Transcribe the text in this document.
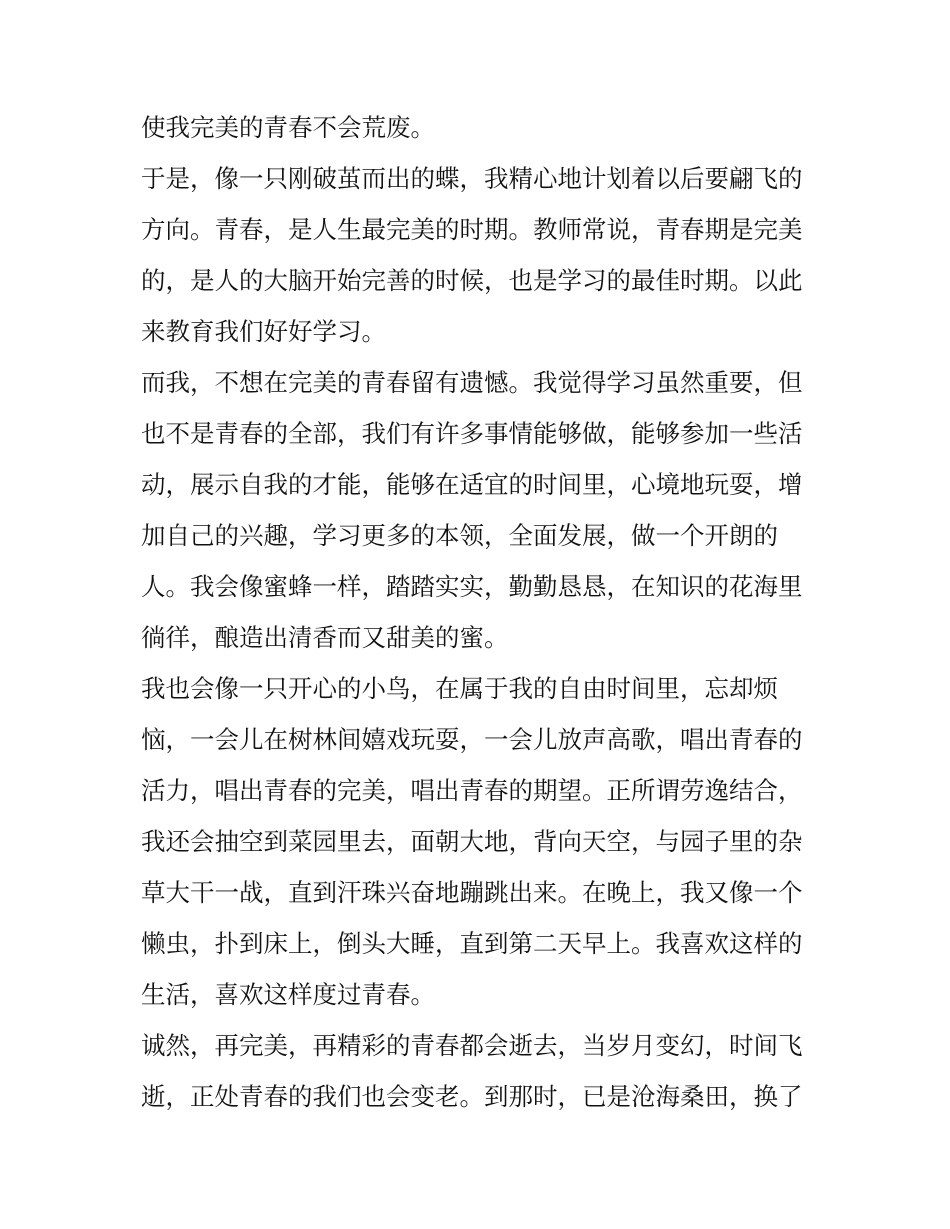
使我完美的青春不会荒废。
于是，像一只刚破茧而出的蝶，我精心地计划着以后要翩飞的
方向。青春，是人生最完美的时期。教师常说，青春期是完美
的，是人的大脑开始完善的时候，也是学习的最佳时期。以此
来教育我们好好学习。
而我，不想在完美的青春留有遗憾。我觉得学习虽然重要，但
也不是青春的全部，我们有许多事情能够做，能够参加一些活
动，展示自我的才能，能够在适宜的时间里，心境地玩耍，增
加自己的兴趣，学习更多的本领，全面发展，做一个开朗的
人。我会像蜜蜂一样，踏踏实实，勤勤恳恳，在知识的花海里
徜徉，酿造出清香而又甜美的蜜。
我也会像一只开心的小鸟，在属于我的自由时间里，忘却烦
恼，一会儿在树林间嬉戏玩耍，一会儿放声高歌，唱出青春的
活力，唱出青春的完美，唱出青春的期望。正所谓劳逸结合，
我还会抽空到菜园里去，面朝大地，背向天空，与园子里的杂
草大干一战，直到汗珠兴奋地蹦跳出来。在晚上，我又像一个
懒虫，扑到床上，倒头大睡，直到第二天早上。我喜欢这样的
生活，喜欢这样度过青春。
诚然，再完美，再精彩的青春都会逝去，当岁月变幻，时间飞
逝，正处青春的我们也会变老。到那时，已是沧海桑田，换了
